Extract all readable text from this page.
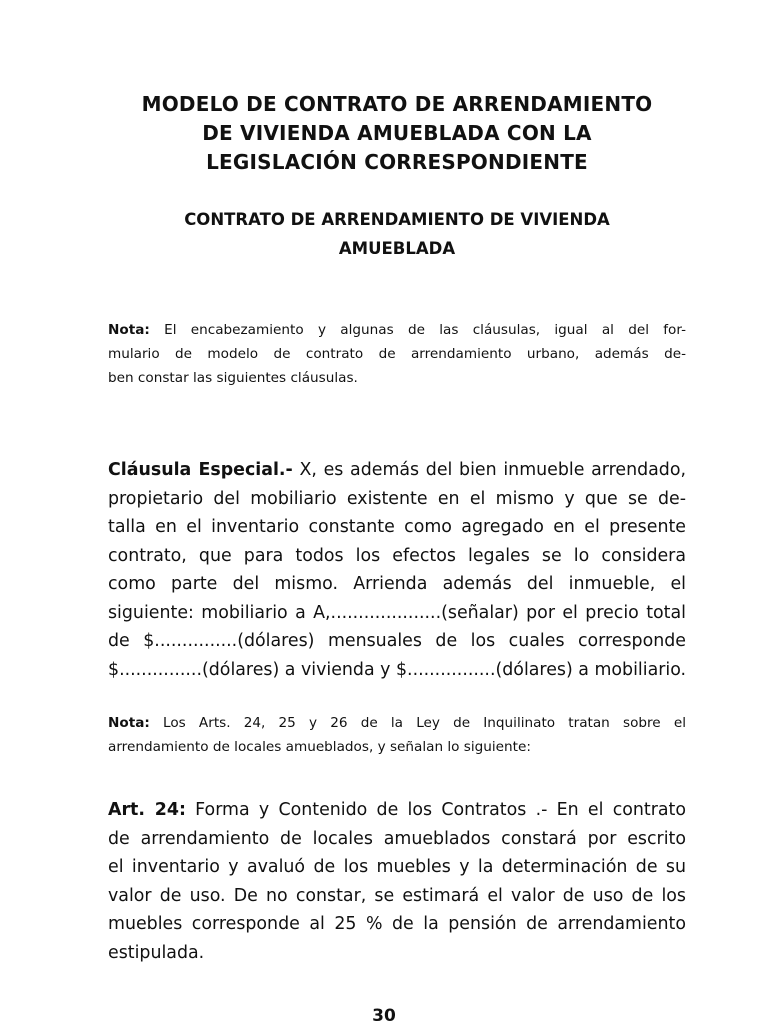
MODELO DE CONTRATO DE ARRENDAMIENTO
DE VIVIENDA AMUEBLADA CON LA
LEGISLACIÓN CORRESPONDIENTE
CONTRATO DE ARRENDAMIENTO DE VIVIENDA
AMUEBLADA

Nota: El encabezamiento y algunas de las cláusulas, igual al del for-
mulario de modelo de contrato de arrendamiento urbano, además de-
ben constar las siguientes cláusulas.

Cláusula Especial.- X, es además del bien inmueble arrendado,
propietario del mobiliario existente en el mismo y que se de-
talla en el inventario constante como agregado en el presente
contrato, que para todos los efectos legales se lo considera
como parte del mismo. Arrienda además del inmueble, el
siguiente: mobiliario a A,....................(señalar) por el precio total
de $...............(dólares) mensuales de los cuales corresponde
$...............(dólares) a vivienda y $................(dólares) a mobiliario.

Nota: Los Arts. 24, 25 y 26 de la Ley de Inquilinato tratan sobre el
arrendamiento de locales amueblados, y señalan lo siguiente:

Art. 24: Forma y Contenido de los Contratos .- En el contrato
de arrendamiento de locales amueblados constará por escrito
el inventario y avaluó de los muebles y la determinación de su
valor de uso. De no constar, se estimará el valor de uso de los
muebles corresponde al 25 % de la pensión de arrendamiento
estipulada.

30
